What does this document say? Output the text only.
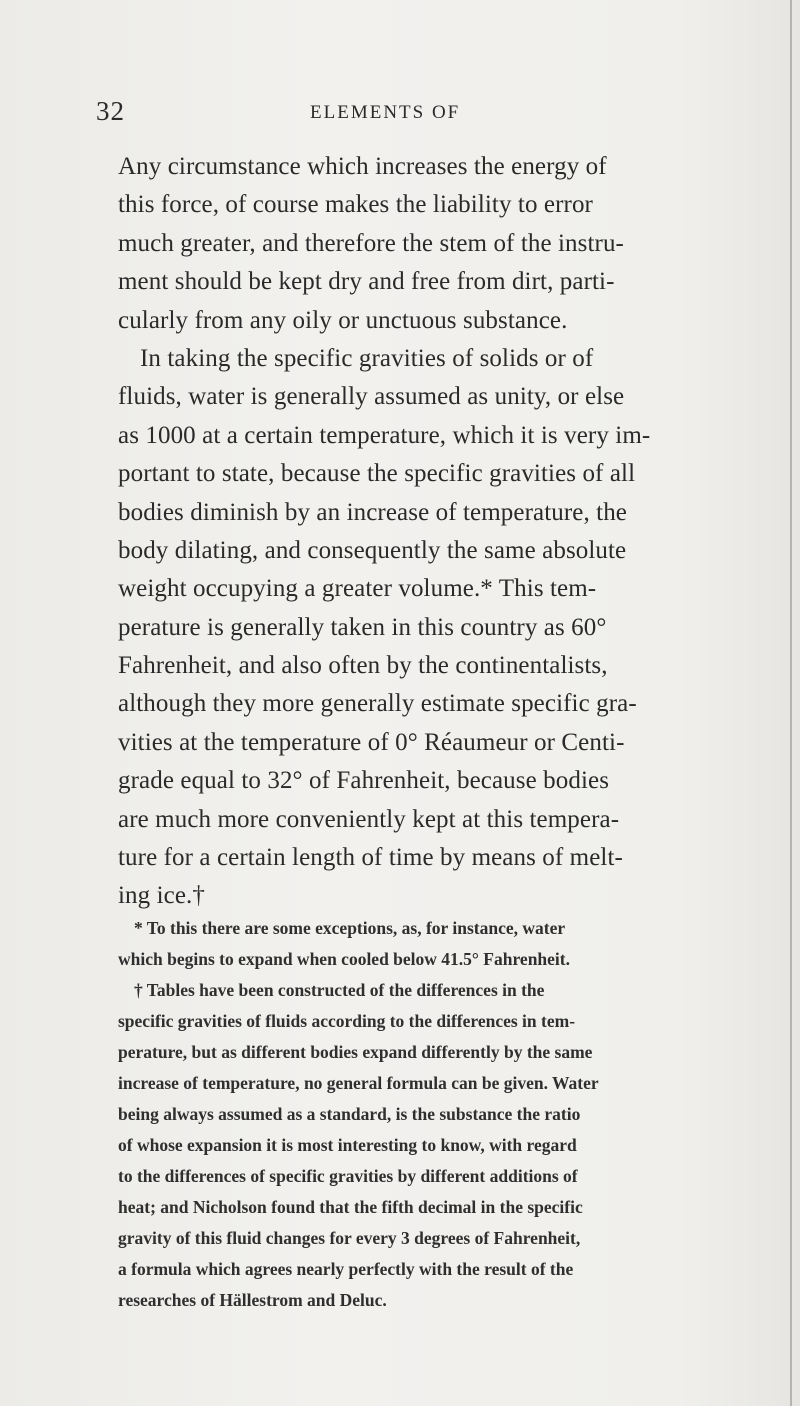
32	ELEMENTS OF
Any circumstance which increases the energy of
this force, of course makes the liability to error
much greater, and therefore the stem of the instru-
ment should be kept dry and free from dirt, parti-
cularly from any oily or unctuous substance.
In taking the specific gravities of solids or of
fluids, water is generally assumed as unity, or else
as 1000 at a certain temperature, which it is very im-
portant to state, because the specific gravities of all
bodies diminish by an increase of temperature, the
body dilating, and consequently the same absolute
weight occupying a greater volume.* This tem-
perature is generally taken in this country as 60°
Fahrenheit, and also often by the continentalists,
although they more generally estimate specific gra-
vities at the temperature of 0° Réaumeur or Centi-
grade equal to 32° of Fahrenheit, because bodies
are much more conveniently kept at this tempera-
ture for a certain length of time by means of melt-
ing ice.†
* To this there are some exceptions, as, for instance, water
which begins to expand when cooled below 41.5° Fahrenheit.
† Tables have been constructed of the differences in the
specific gravities of fluids according to the differences in tem-
perature, but as different bodies expand differently by the same
increase of temperature, no general formula can be given. Water
being always assumed as a standard, is the substance the ratio
of whose expansion it is most interesting to know, with regard
to the differences of specific gravities by different additions of
heat; and Nicholson found that the fifth decimal in the specific
gravity of this fluid changes for every 3 degrees of Fahrenheit,
a formula which agrees nearly perfectly with the result of the
researches of Hällestrom and Deluc.
